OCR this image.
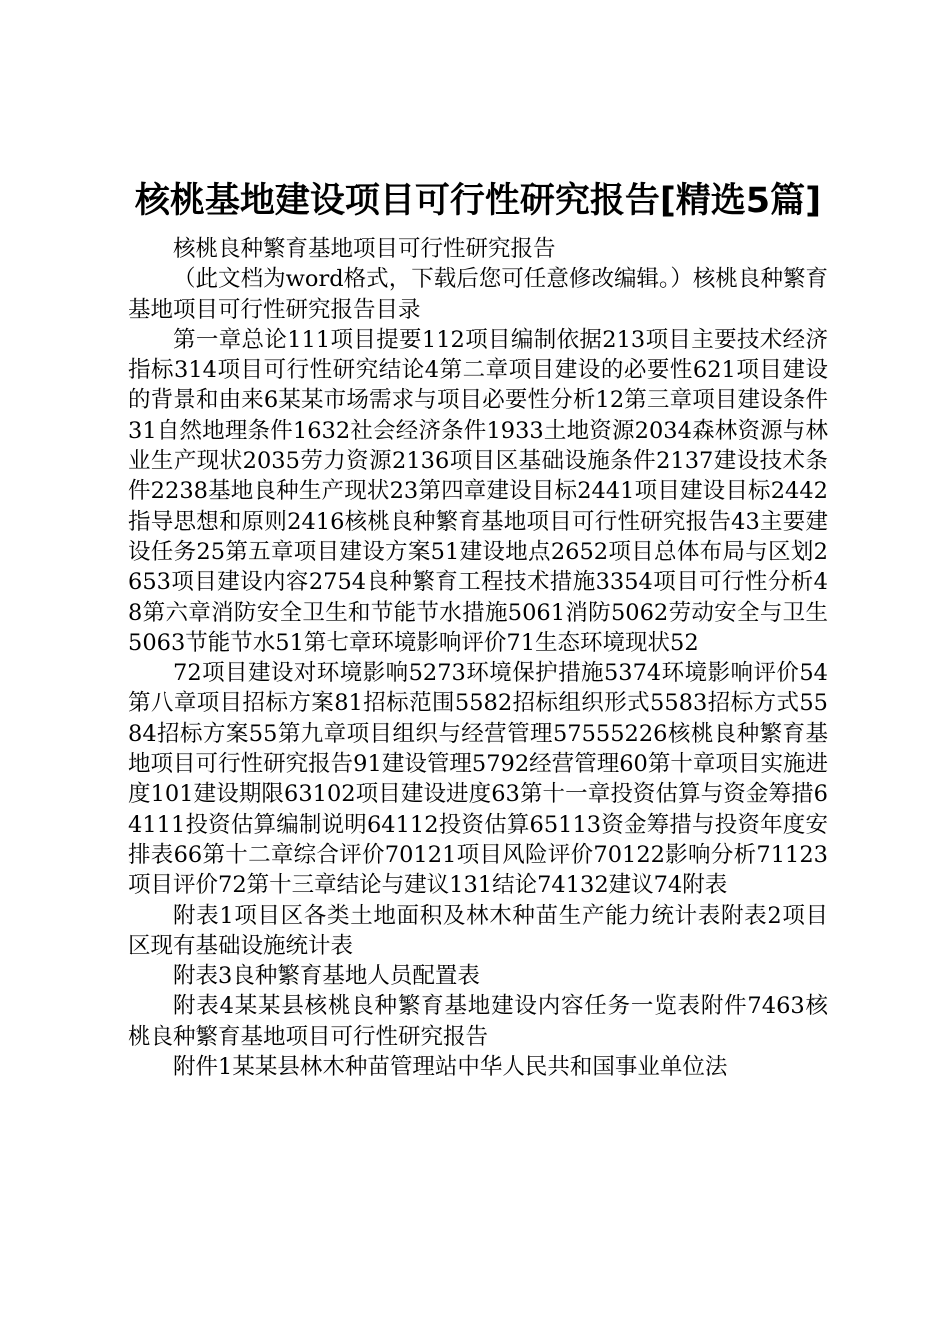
核桃基地建设项目可行性研究报告[精选5篇]

核桃良种繁育基地项目可行性研究报告

（此文档为word格式，下载后您可任意修改编辑。）核桃良种繁育基地项目可行性研究报告目录

第一章总论111项目提要112项目编制依据213项目主要技术经济指标314项目可行性研究结论4第二章项目建设的必要性621项目建设的背景和由来6某某市场需求与项目必要性分析12第三章项目建设条件31自然地理条件1632社会经济条件1933土地资源2034森林资源与林业生产现状2035劳力资源2136项目区基础设施条件2137建设技术条件2238基地良种生产现状23第四章建设目标2441项目建设目标2442指导思想和原则2416核桃良种繁育基地项目可行性研究报告43主要建设任务25第五章项目建设方案51建设地点2652项目总体布局与区划2653项目建设内容2754良种繁育工程技术措施3354项目可行性分析48第六章消防安全卫生和节能节水措施5061消防5062劳动安全与卫生5063节能节水51第七章环境影响评价71生态环境现状52

72项目建设对环境影响5273环境保护措施5374环境影响评价54第八章项目招标方案81招标范围5582招标组织形式5583招标方式5584招标方案55第九章项目组织与经营管理57555226核桃良种繁育基地项目可行性研究报告91建设管理5792经营管理60第十章项目实施进度101建设期限63102项目建设进度63第十一章投资估算与资金筹措64111投资估算编制说明64112投资估算65113资金筹措与投资年度安排表66第十二章综合评价70121项目风险评价70122影响分析71123项目评价72第十三章结论与建议131结论74132建议74附表

附表1项目区各类土地面积及林木种苗生产能力统计表附表2项目区现有基础设施统计表

附表3良种繁育基地人员配置表

附表4某某县核桃良种繁育基地建设内容任务一览表附件7463核桃良种繁育基地项目可行性研究报告

附件1某某县林木种苗管理站中华人民共和国事业单位法
